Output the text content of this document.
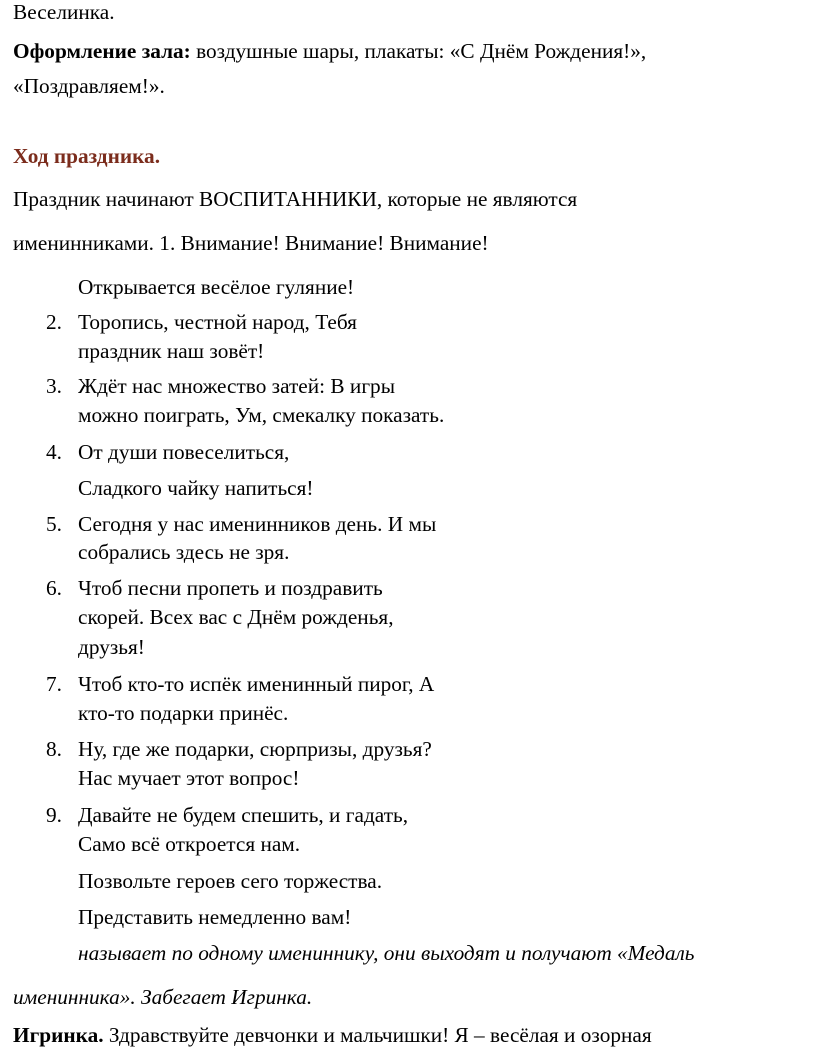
Веселинка.
Оформление зала: воздушные шары, плакаты: «С Днём Рождения!»,
«Поздравляем!».
Ход праздника.
Праздник начинают ВОСПИТАННИКИ, которые не являются
именинниками. 1. Внимание! Внимание! Внимание!
Открывается весёлое гуляние!
2. Торопись, честной народ, Тебя
праздник наш зовёт!
3. Ждёт нас множество затей: В игры
можно поиграть, Ум, смекалку показать.
4. От души повеселиться,
Сладкого чайку напиться!
5. Сегодня у нас именинников день. И мы
собрались здесь не зря.
6. Чтоб песни пропеть и поздравить
скорей. Всех вас с Днём рожденья,
друзья!
7. Чтоб кто-то испёк именинный пирог, А
кто-то подарки принёс.
8. Ну, где же подарки, сюрпризы, друзья?
Нас мучает этот вопрос!
9. Давайте не будем спешить, и гадать,
Само всё откроется нам.
Позвольте героев сего торжества.
Представить немедленно вам!
называет по одному имениннику, они выходят и получают «Медаль
именинника». Забегает Игринка.
Игринка. Здравствуйте девчонки и мальчишки! Я – весёлая и озорная
